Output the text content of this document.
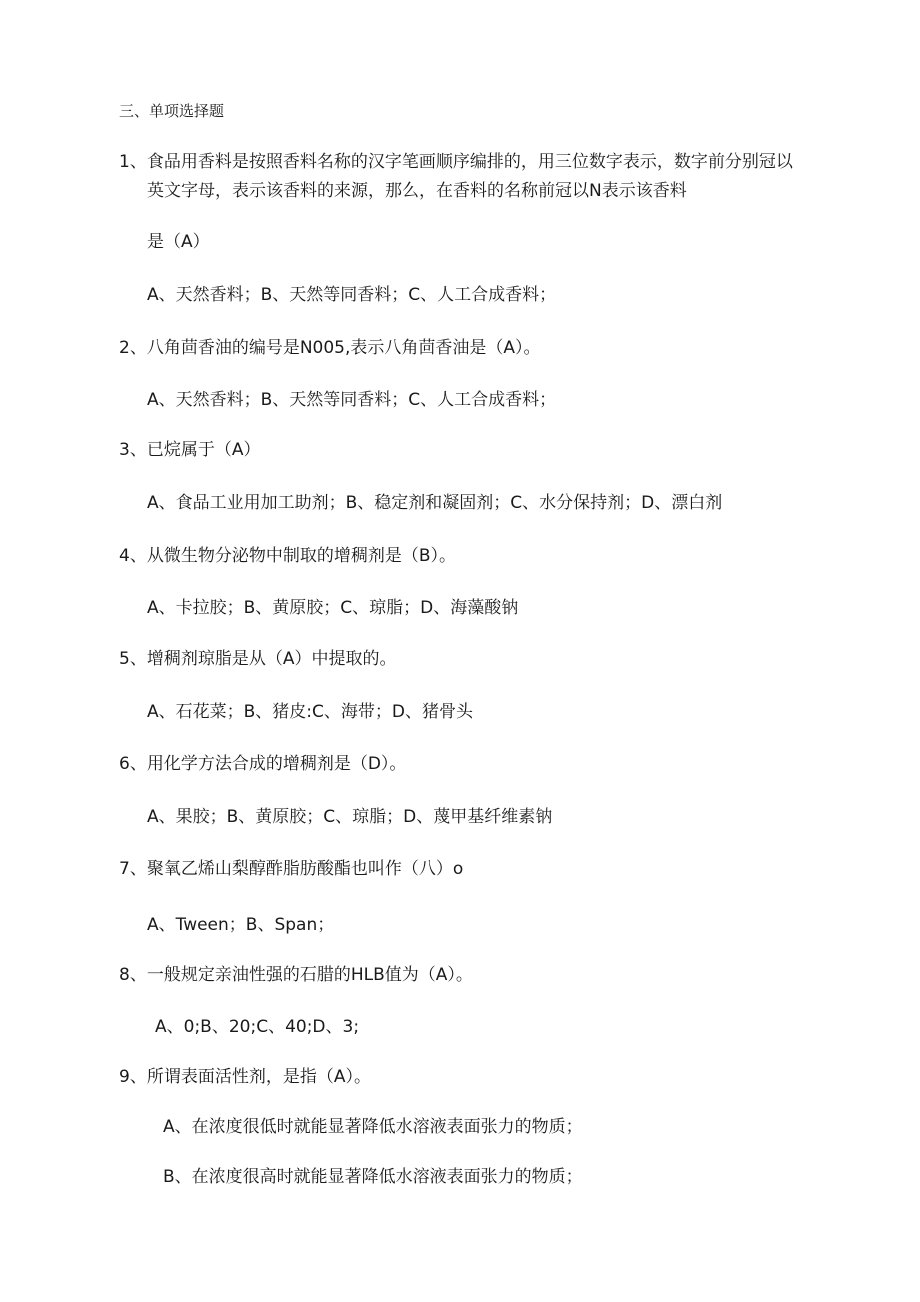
三、单项选择题
1、食品用香料是按照香料名称的汉字笔画顺序编排的，用三位数字表示，数字前分别冠以英文字母，表示该香料的来源，那么，在香料的名称前冠以N表示该香料
是（A）
A、天然香料；B、天然等同香料；C、人工合成香料；
2、八角茴香油的编号是N005,表示八角茴香油是（A）。
A、天然香料；B、天然等同香料；C、人工合成香料；
3、已烷属于（A）
A、食品工业用加工助剂；B、稳定剂和凝固剂；C、水分保持剂；D、漂白剂
4、从微生物分泌物中制取的增稠剂是（B）。
A、卡拉胶；B、黄原胶；C、琼脂；D、海藻酸钠
5、增稠剂琼脂是从（A）中提取的。
A、石花菜；B、猪皮:C、海带；D、猪骨头
6、用化学方法合成的增稠剂是（D）。
A、果胶；B、黄原胶；C、琼脂；D、蔑甲基纤维素钠
7、聚氧乙烯山梨醇酢脂肪酸酯也叫作（八）o
A、Tween；B、Span；
8、一般规定亲油性强的石腊的HLB值为（A）。
A、0;B、20;C、40;D、3;
9、所谓表面活性剂，是指（A）。
A、在浓度很低时就能显著降低水溶液表面张力的物质；
B、在浓度很高时就能显著降低水溶液表面张力的物质；
